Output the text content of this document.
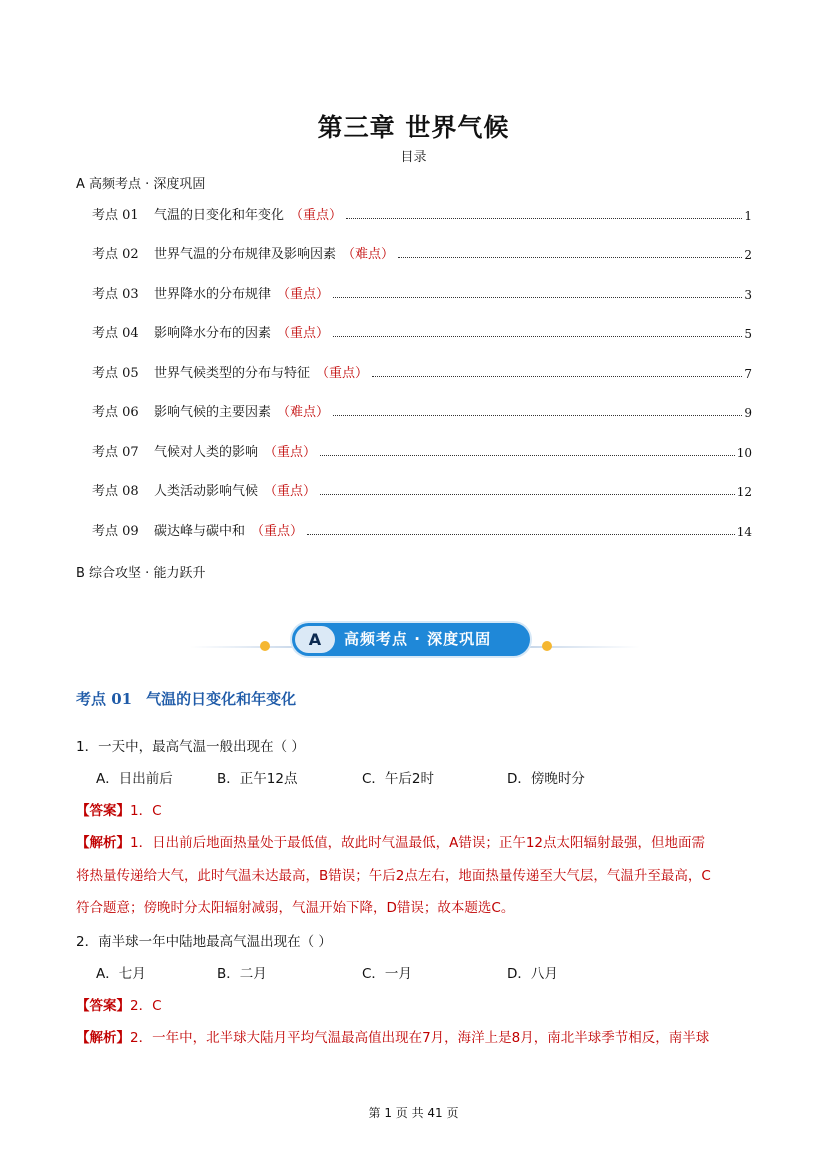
第三章 世界气候
目录
A 高频考点 · 深度巩固
考点 01	气温的日变化和年变化 （重点）	1
考点 02	世界气温的分布规律及影响因素 （难点）	2
考点 03	世界降水的分布规律 （重点）	3
考点 04	影响降水分布的因素 （重点）	5
考点 05	世界气候类型的分布与特征 （重点）	7
考点 06	影响气候的主要因素 （难点）	9
考点 07	气候对人类的影响 （重点）	10
考点 08	人类活动影响气候 （重点）	12
考点 09	碳达峰与碳中和 （重点）	14
B 综合攻坚 · 能力跃升
A	高频考点 · 深度巩固
考点 01 气温的日变化和年变化
1．一天中，最高气温一般出现在（ ）
A．日出前后	B．正午12点	C．午后2时	D．傍晚时分
【答案】1．C
【解析】1．日出前后地面热量处于最低值，故此时气温最低，A错误；正午12点太阳辐射最强，但地面需
将热量传递给大气，此时气温未达最高，B错误；午后2点左右，地面热量传递至大气层，气温升至最高，C
符合题意；傍晚时分太阳辐射减弱，气温开始下降，D错误；故本题选C。
2．南半球一年中陆地最高气温出现在（ ）
A．七月	B．二月	C．一月	D．八月
【答案】2．C
【解析】2．一年中，北半球大陆月平均气温最高值出现在7月，海洋上是8月，南北半球季节相反，南半球
第 1 页 共 41 页
